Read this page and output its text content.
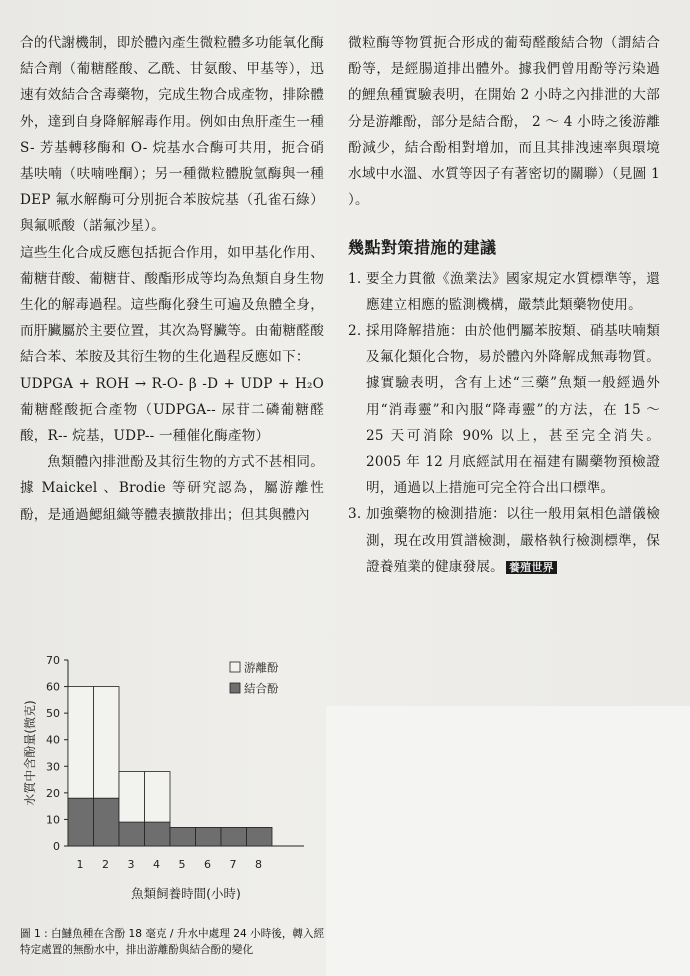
合的代謝機制，即於體內產生微粒體多功能氧化酶結合劑（葡糖醛酸、乙酰、甘氨酸、甲基等），迅速有效結合含毒藥物，完成生物合成產物，排除體外，達到自身降解解毒作用。例如由魚肝產生一種 S- 芳基轉移酶和 O- 烷基水合酶可共用，扼合硝基呋喃（呋喃唑酮）；另一種微粒體脫氫酶與一種 DEP 氟水解酶可分別扼合苯胺烷基（孔雀石綠）與氟哌酸（諾氟沙星）。

這些生化合成反應包括扼合作用，如甲基化作用、葡糖苷酸、葡糖苷、酸酯形成等均為魚類自身生物生化的解毒過程。這些酶化發生可遍及魚體全身，而肝臟屬於主要位置，其次為腎臟等。由葡糖醛酸結合苯、苯胺及其衍生物的生化過程反應如下：

UDPGA + ROH → R-O- β -D + UDP + H₂O 葡糖醛酸扼合產物（UDPGA-- 尿苷二磷葡糖醛酸，R-- 烷基，UDP-- 一種催化酶產物）

魚類體內排泄酚及其衍生物的方式不甚相同。據 Maickel 、Brodie 等研究認為，屬游離性酚，是通過鰓組織等體表擴散排出；但其與體內

微粒酶等物質扼合形成的葡萄醛酸結合物（謂結合酚等，是經腸道排出體外。據我們曾用酚等污染過的鯉魚種實驗表明，在開始 2 小時之內排泄的大部分是游離酚，部分是結合酚， 2 ～ 4 小時之後游離酚減少，結合酚相對增加，而且其排洩速率與環境水域中水溫、水質等因子有著密切的關聯）（見圖 1 ）。

幾點對策措施的建議
1. 要全力貫徹《漁業法》國家規定水質標準等，還應建立相應的監測機構，嚴禁此類藥物使用。
2. 採用降解措施：由於他們屬苯胺類、硝基呋喃類及氟化類化合物，易於體內外降解成無毒物質。據實驗表明，含有上述“三藥”魚類一般經過外用“消毒靈”和內服“降毒靈”的方法，在 15 ～ 25 天可消除 90% 以上，甚至完全消失。 2005 年 12 月底經試用在福建有關藥物預檢證明，通過以上措施可完全符合出口標準。
3. 加強藥物的檢測措施：以往一般用氣相色譜儀檢測，現在改用質譜檢測，嚴格執行檢測標準，保證養殖業的健康發展。 養殖世界
0
10
20
30
40
50
60
70
1 2 3 4 5 6 7 8
魚類飼養時間(小時)
水質中含酚量(微克)
游離酚
結合酚
圖 1 : 白鰱魚種在含酚 18 毫克 / 升水中處理 24 小時後，轉入經特定處置的無酚水中，排出游離酚與結合酚的變化
